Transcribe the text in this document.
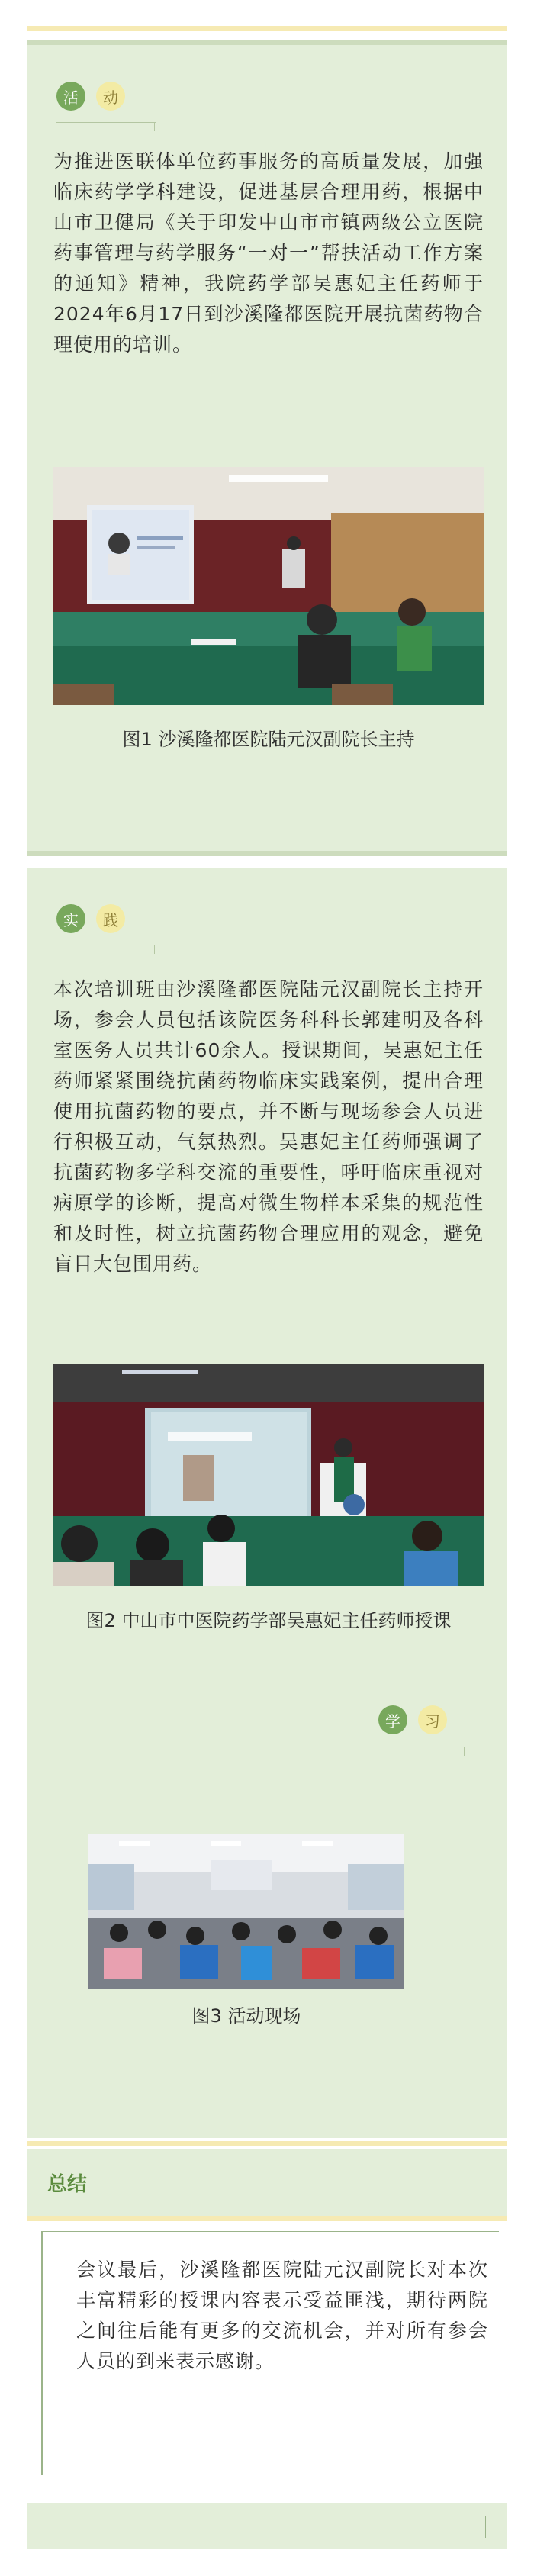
活	动
为推进医联体单位药事服务的高质量发展，加强临床药学学科建设，促进基层合理用药，根据中山市卫健局《关于印发中山市市镇两级公立医院药事管理与药学服务“一对一”帮扶活动工作方案的通知》精神，我院药学部吴惠妃主任药师于2024年6月17日到沙溪隆都医院开展抗菌药物合理使用的培训。
图1 沙溪隆都医院陆元汉副院长主持
实	践
本次培训班由沙溪隆都医院陆元汉副院长主持开场，参会人员包括该院医务科科长郭建明及各科室医务人员共计60余人。授课期间，吴惠妃主任药师紧紧围绕抗菌药物临床实践案例，提出合理使用抗菌药物的要点，并不断与现场参会人员进行积极互动，气氛热烈。吴惠妃主任药师强调了抗菌药物多学科交流的重要性，呼吁临床重视对病原学的诊断，提高对微生物样本采集的规范性和及时性，树立抗菌药物合理应用的观念，避免盲目大包围用药。
图2 中山市中医院药学部吴惠妃主任药师授课
学	习
图3 活动现场
总结
会议最后，沙溪隆都医院陆元汉副院长对本次丰富精彩的授课内容表示受益匪浅，期待两院之间往后能有更多的交流机会，并对所有参会人员的到来表示感谢。
